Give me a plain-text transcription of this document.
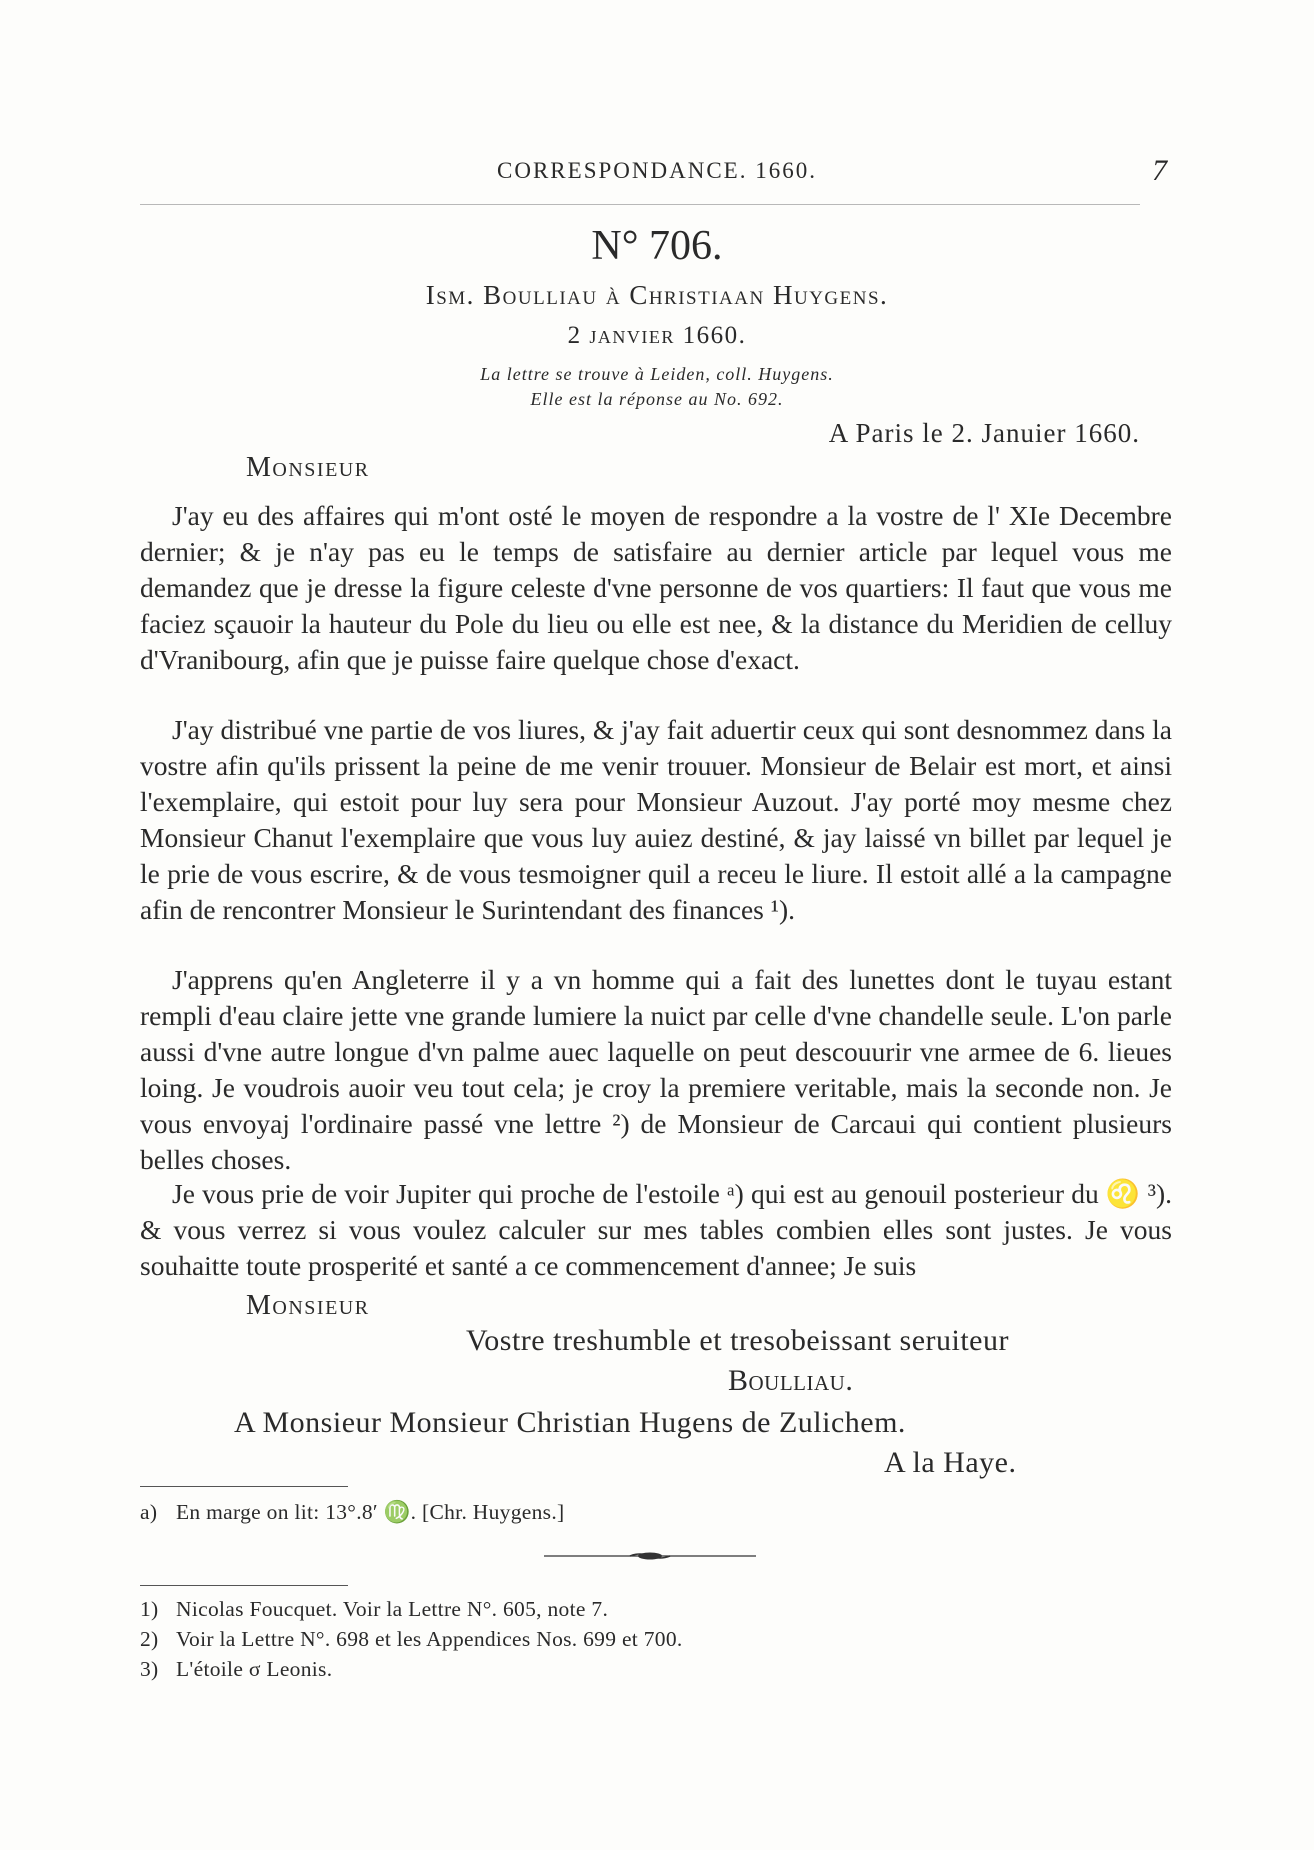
CORRESPONDANCE. 1660.	7
N° 706.
Ism. Boulliau à Christiaan Huygens.
2 janvier 1660.
La lettre se trouve à Leiden, coll. Huygens.
Elle est la réponse au No. 692.
A Paris le 2. Januier 1660.
Monsieur

J'ay eu des affaires qui m'ont osté le moyen de respondre a la vostre de l' XIe Decembre dernier; & je n'ay pas eu le temps de satisfaire au dernier article par lequel vous me demandez que je dresse la figure celeste d'vne personne de vos quartiers: Il faut que vous me faciez sçauoir la hauteur du Pole du lieu ou elle est nee, & la distance du Meridien de celluy d'Vranibourg, afin que je puisse faire quelque chose d'exact.

J'ay distribué vne partie de vos liures, & j'ay fait aduertir ceux qui sont desnommez dans la vostre afin qu'ils prissent la peine de me venir trouuer. Monsieur de Belair est mort, et ainsi l'exemplaire, qui estoit pour luy sera pour Monsieur Auzout. J'ay porté moy mesme chez Monsieur Chanut l'exemplaire que vous luy auiez destiné, & jay laissé vn billet par lequel je le prie de vous escrire, & de vous tesmoigner quil a receu le liure. Il estoit allé a la campagne afin de rencontrer Monsieur le Surintendant des finances ¹).

J'apprens qu'en Angleterre il y a vn homme qui a fait des lunettes dont le tuyau estant rempli d'eau claire jette vne grande lumiere la nuict par celle d'vne chandelle seule. L'on parle aussi d'vne autre longue d'vn palme auec laquelle on peut descouurir vne armee de 6. lieues loing. Je voudrois auoir veu tout cela; je croy la premiere veritable, mais la seconde non. Je vous envoyaj l'ordinaire passé vne lettre ²) de Monsieur de Carcaui qui contient plusieurs belles choses.

Je vous prie de voir Jupiter qui proche de l'estoile ᵃ) qui est au genouil posterieur du ♌ ³). & vous verrez si vous voulez calculer sur mes tables combien elles sont justes. Je vous souhaitte toute prosperité et santé a ce commencement d'annee; Je suis

Monsieur
Vostre treshumble et tresobeissant seruiteur
Boulliau.
A Monsieur Monsieur Christian Hugens de Zulichem.
A la Haye.
a) En marge on lit: 13°.8′ ♍. [Chr. Huygens.]
1) Nicolas Foucquet. Voir la Lettre N°. 605, note 7.
2) Voir la Lettre N°. 698 et les Appendices Nos. 699 et 700.
3) L'étoile σ Leonis.
